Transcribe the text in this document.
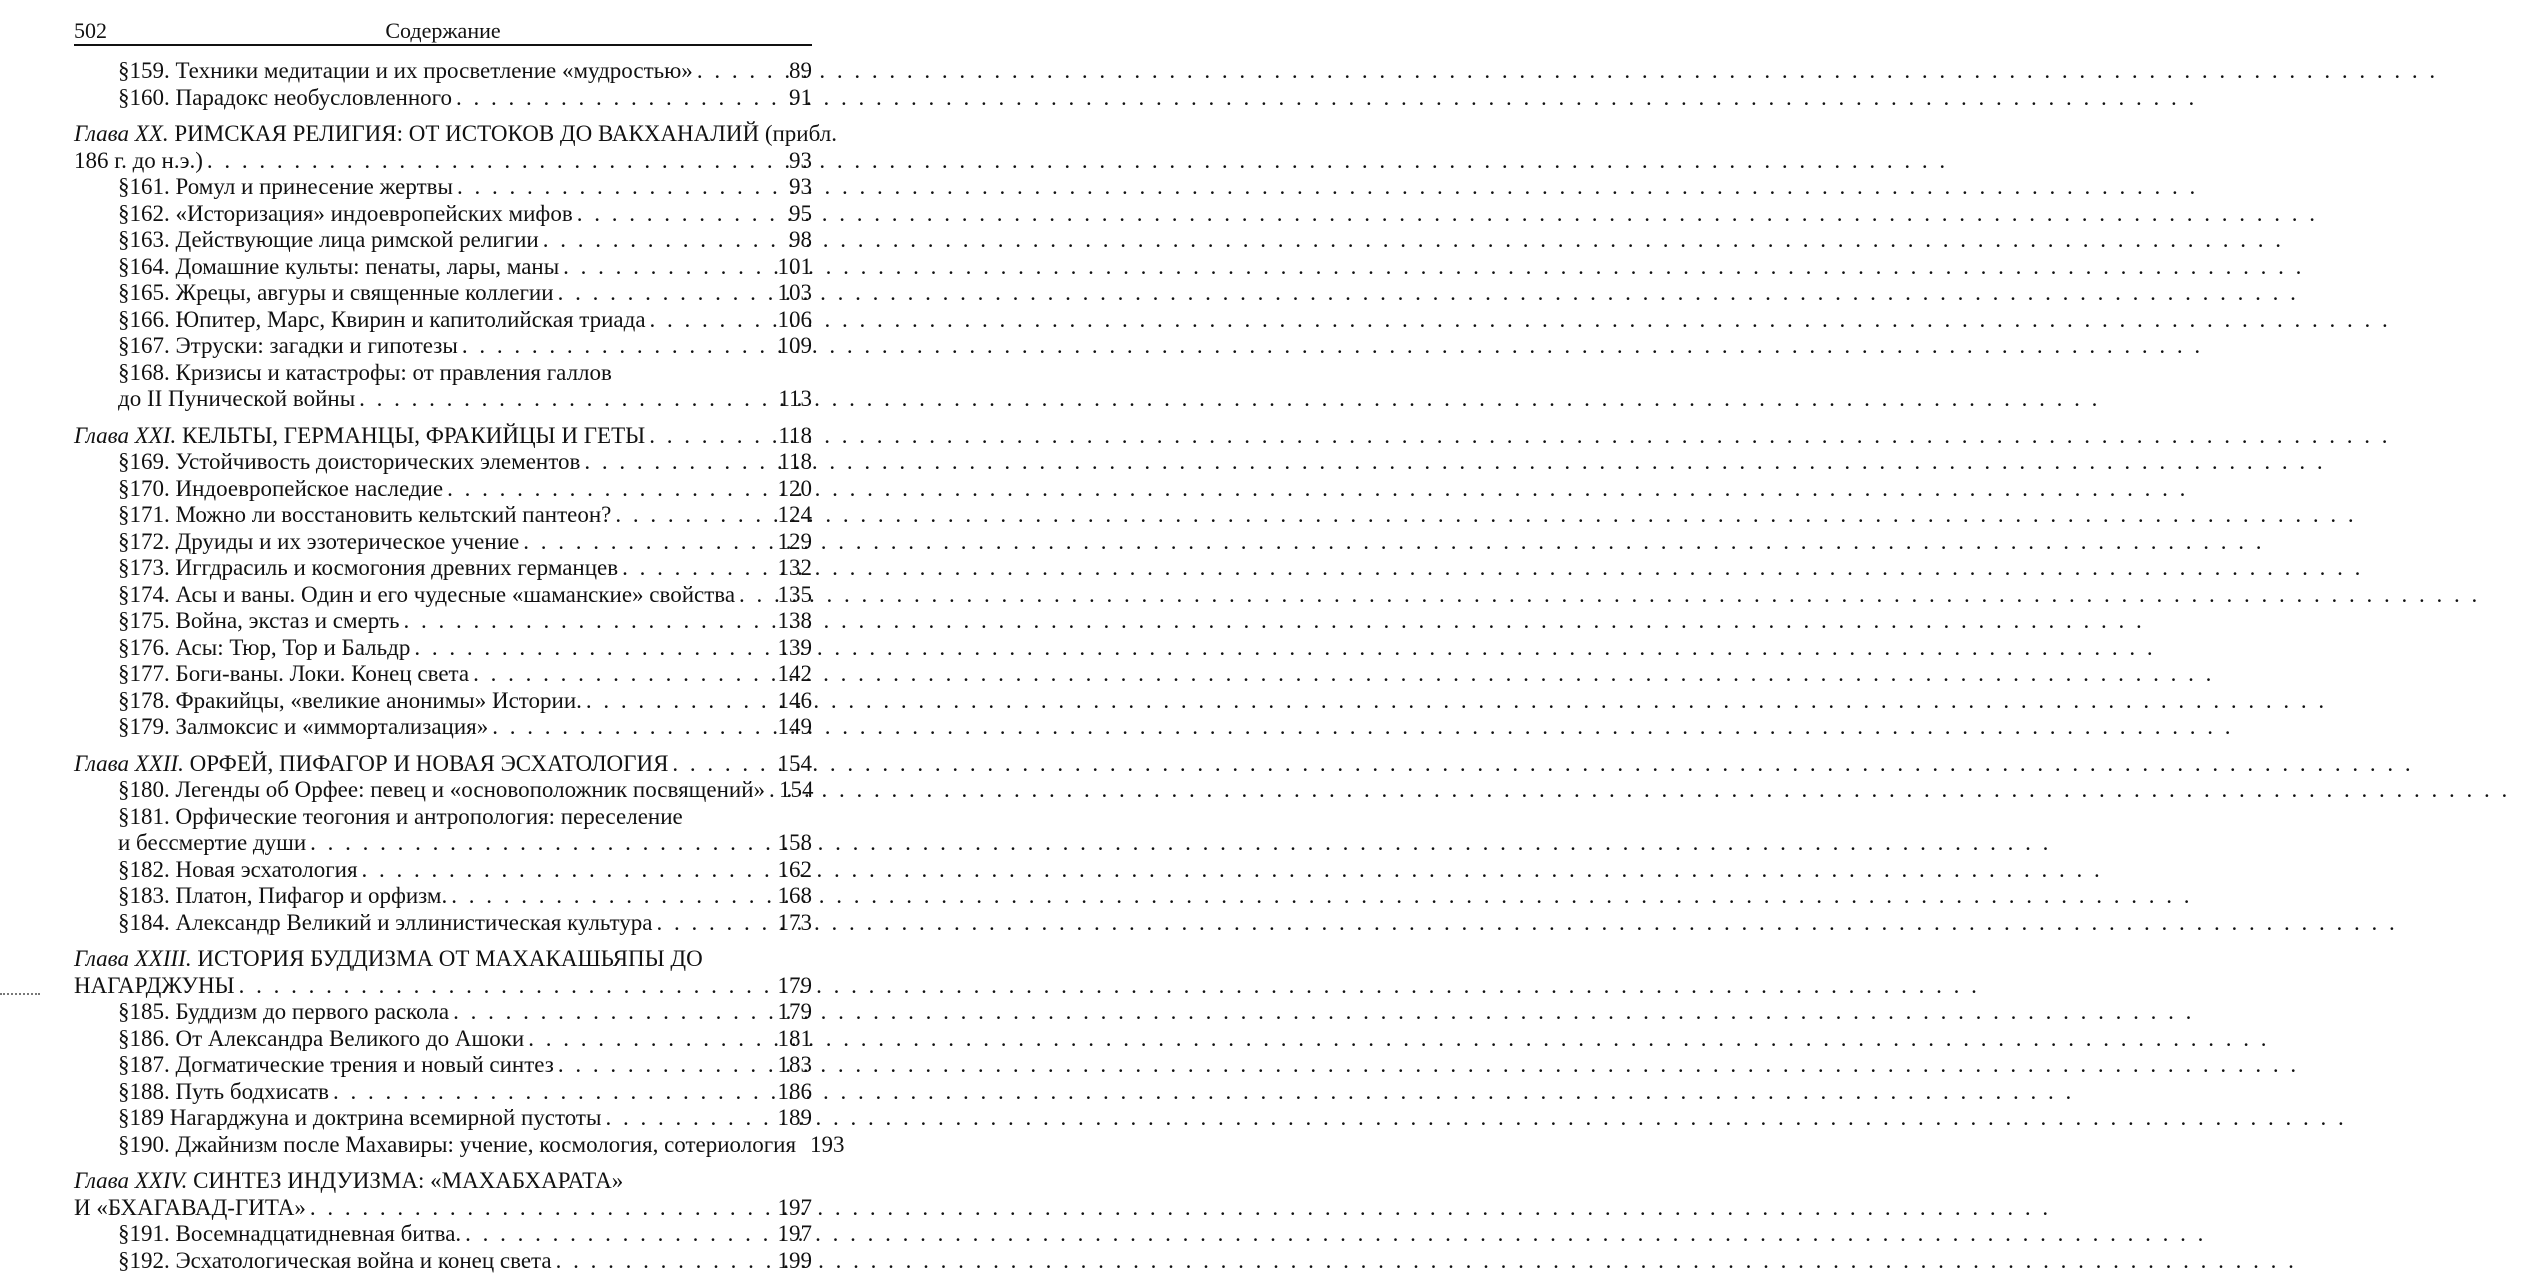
502	Содержание
§159. Техники медитации и их просветление «мудростью» . . .	89
§160. Парадокс необусловленного . . .	91
Глава XX. РИМСКАЯ РЕЛИГИЯ: ОТ ИСТОКОВ ДО ВАКХАНАЛИЙ (прибл.
186 г. до н.э.) . . .	93
§161. Ромул и принесение жертвы . . .	93
§162. «Историзация» индоевропейских мифов . . .	95
§163. Действующие лица римской религии . . .	98
§164. Домашние культы: пенаты, лары, маны . . .	101
§165. Жрецы, авгуры и священные коллегии . . .	103
§166. Юпитер, Марс, Квирин и капитолийская триада . . .	106
§167. Этруски: загадки и гипотезы . . .	109
§168. Кризисы и катастрофы: от правления галлов
до II Пунической войны . . .	113
Глава XXI. КЕЛЬТЫ, ГЕРМАНЦЫ, ФРАКИЙЦЫ И ГЕТЫ . . .	118
§169. Устойчивость доисторических элементов . . .	118
§170. Индоевропейское наследие . . .	120
§171. Можно ли восстановить кельтский пантеон? . . .	124
§172. Друиды и их эзотерическое учение . . .	129
§173. Иггдрасиль и космогония древних германцев . . .	132
§174. Асы и ваны. Один и его чудесные «шаманские» свойства . . . 135
§175. Война, экстаз и смерть . . .	138
§176. Асы: Тюр, Тор и Бальдр . . .	139
§177. Боги-ваны. Локи. Конец света . . .	142
§178. Фракийцы, «великие анонимы» Истории. . . .	146
§179. Залмоксис и «иммортализация» . . .	149
Глава XXII. ОРФЕЙ, ПИФАГОР И НОВАЯ ЭСХАТОЛОГИЯ . . .	154
§180. Легенды об Орфее: певец и «основоположник посвящений» . . . 154
§181. Орфические теогония и антропология: переселение
и бессмертие души . . .	158
§182. Новая эсхатология . . .	162
§183. Платон, Пифагор и орфизм. . . .	168
§184. Александр Великий и эллинистическая культура . . .	173
Глава XXIII. ИСТОРИЯ БУДДИЗМА ОТ МАХАКАШЬЯПЫ ДО
НАГАРДЖУНЫ . . .	179
§185. Буддизм до первого раскола . . .	179
§186. От Александра Великого до Ашоки . . .	181
§187. Догматические трения и новый синтез . . .	183
§188. Путь бодхисатв . . .	186
§189 Нагарджуна и доктрина всемирной пустоты . . .	189
§190. Джайнизм после Махавиры: учение, космология, сотериология 193
Глава XXIV. СИНТЕЗ ИНДУИЗМА: «МАХАБХАРАТА»
И «БХАГАВАД-ГИТА» . . .	197
§191. Восемнадцатидневная битва. . . .	197
§192. Эсхатологическая война и конец света . . .	199
